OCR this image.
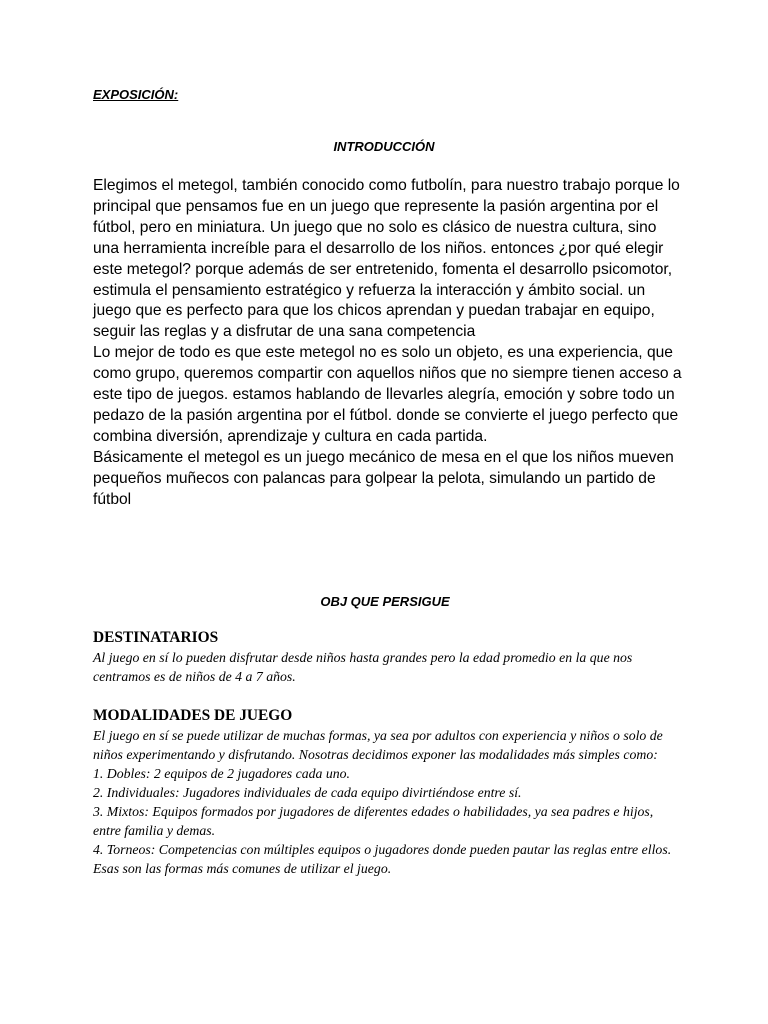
EXPOSICIÓN:
INTRODUCCIÓN

Elegimos el metegol, también conocido como futbolín, para nuestro trabajo porque lo principal que pensamos fue en un juego que represente la pasión argentina por el fútbol, pero en miniatura. Un juego que no solo es clásico de nuestra cultura, sino una herramienta increíble para el desarrollo de los niños. entonces ¿por qué elegir este metegol? porque además de ser entretenido, fomenta el desarrollo psicomotor, estimula el pensamiento estratégico y refuerza la interacción y ámbito social. un juego que es perfecto para que los chicos aprendan y puedan trabajar en equipo, seguir las reglas y a disfrutar de una sana competencia

Lo mejor de todo es que este metegol no es solo un objeto, es una experiencia, que como grupo, queremos compartir con aquellos niños que no siempre tienen acceso a este tipo de juegos. estamos hablando de llevarles alegría, emoción y sobre todo un pedazo de la pasión argentina por el fútbol. donde se convierte el juego perfecto que combina diversión, aprendizaje y cultura en cada partida.

Básicamente el metegol es un juego mecánico de mesa en el que los niños mueven pequeños muñecos con palancas para golpear la pelota, simulando un partido de fútbol

OBJ QUE PERSIGUE
DESTINATARIOS

Al juego en sí lo pueden disfrutar desde niños hasta grandes pero la edad promedio en la que nos centramos es de niños de 4 a 7 años.

MODALIDADES DE JUEGO

El juego en sí se puede utilizar de muchas formas, ya sea por adultos con experiencia y niños o solo de niños experimentando y disfrutando. Nosotras decidimos exponer las modalidades más simples como:

1. Dobles: 2 equipos de 2 jugadores cada uno.

2. Individuales: Jugadores individuales de cada equipo divirtiéndose entre sí.

3. Mixtos: Equipos formados por jugadores de diferentes edades o habilidades, ya sea padres e hijos, entre familia y demas.

4. Torneos: Competencias con múltiples equipos o jugadores donde pueden pautar las reglas entre ellos.

Esas son las formas más comunes de utilizar el juego.
